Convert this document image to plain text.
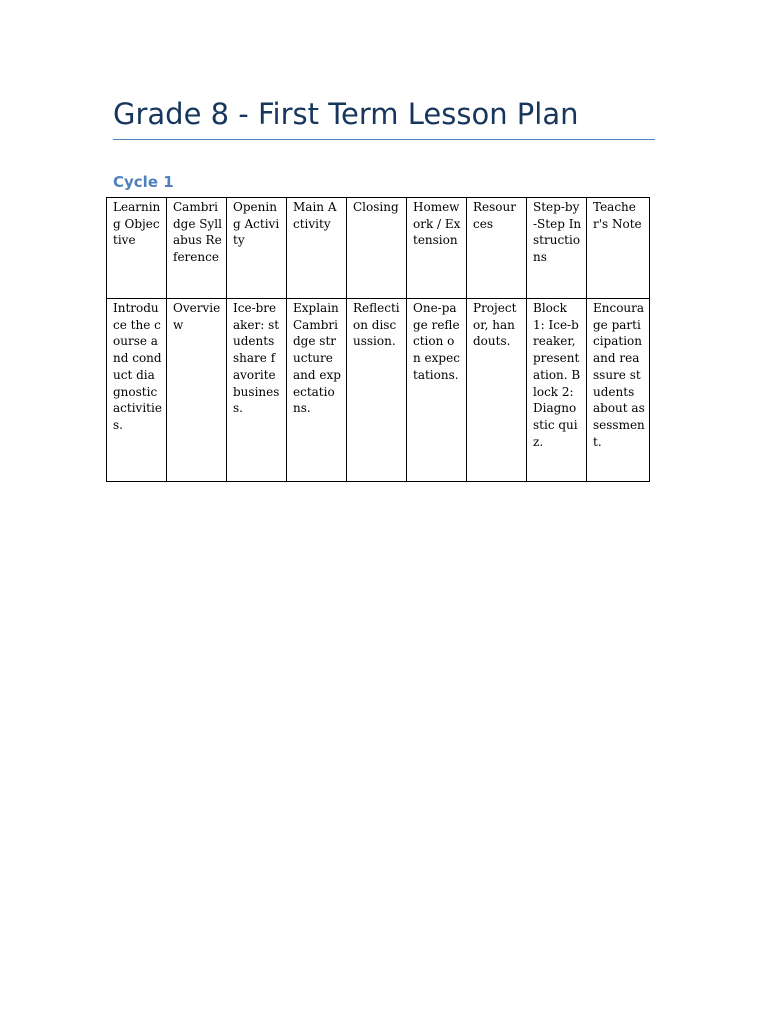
Grade 8 - First Term Lesson Plan
Cycle 1
Learning Objective	Cambridge Syllabus Reference	Opening Activity	Main Activity	Closing	Homework / Extension	Resources	Step-by-Step Instructions	Teacher's Note
Introduce the course and conduct diagnostic activities.	Overview	Ice-breaker: students share favorite business.	Explain Cambridge structure and expectations.	Reflection discussion.	One-page reflection on expectations.	Projector, handouts.	Block 1: Ice-breaker, presentation. Block 2: Diagnostic quiz.	Encourage participation and reassure students about assessment.
